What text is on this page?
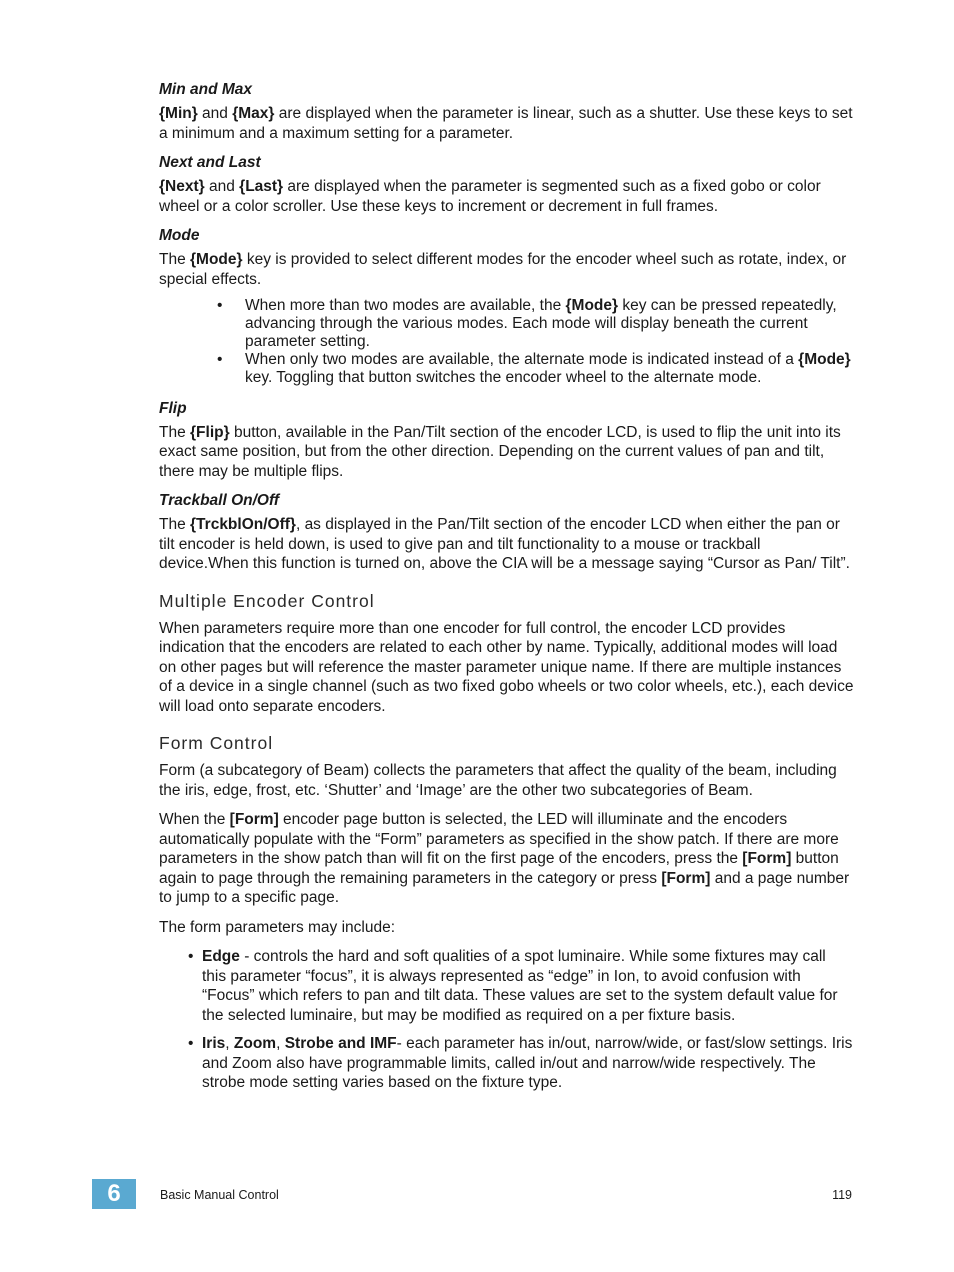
Min and Max

{Min} and {Max} are displayed when the parameter is linear, such as a shutter. Use these keys to set a minimum and a maximum setting for a parameter.

Next and Last

{Next} and {Last} are displayed when the parameter is segmented such as a fixed gobo or color wheel or a color scroller. Use these keys to increment or decrement in full frames.

Mode

The {Mode} key is provided to select different modes for the encoder wheel such as rotate, index, or special effects.

• When more than two modes are available, the {Mode} key can be pressed repeatedly, advancing through the various modes. Each mode will display beneath the current parameter setting.
• When only two modes are available, the alternate mode is indicated instead of a {Mode} key. Toggling that button switches the encoder wheel to the alternate mode.
Flip

The {Flip} button, available in the Pan/Tilt section of the encoder LCD, is used to flip the unit into its exact same position, but from the other direction. Depending on the current values of pan and tilt, there may be multiple flips.

Trackball On/Off

The {TrckblOn/Off}, as displayed in the Pan/Tilt section of the encoder LCD when either the pan or tilt encoder is held down, is used to give pan and tilt functionality to a mouse or trackball device.When this function is turned on, above the CIA will be a message saying “Cursor as Pan/ Tilt”.

Multiple Encoder Control

When parameters require more than one encoder for full control, the encoder LCD provides indication that the encoders are related to each other by name. Typically, additional modes will load on other pages but will reference the master parameter unique name. If there are multiple instances of a device in a single channel (such as two fixed gobo wheels or two color wheels, etc.), each device will load onto separate encoders.

Form Control

Form (a subcategory of Beam) collects the parameters that affect the quality of the beam, including the iris, edge, frost, etc. ‘Shutter’ and ‘Image’ are the other two subcategories of Beam.

When the [Form] encoder page button is selected, the LED will illuminate and the encoders automatically populate with the “Form” parameters as specified in the show patch. If there are more parameters in the show patch than will fit on the first page of the encoders, press the [Form] button again to page through the remaining parameters in the category or press [Form] and a page number to jump to a specific page.

The form parameters may include:

• Edge - controls the hard and soft qualities of a spot luminaire. While some fixtures may call this parameter “focus”, it is always represented as “edge” in Ion, to avoid confusion with “Focus” which refers to pan and tilt data. These values are set to the system default value for the selected luminaire, but may be modified as required on a per fixture basis.
• Iris, Zoom, Strobe and IMF- each parameter has in/out, narrow/wide, or fast/slow settings. Iris and Zoom also have programmable limits, called in/out and narrow/wide respectively. The strobe mode setting varies based on the fixture type.
6	Basic Manual Control	119
